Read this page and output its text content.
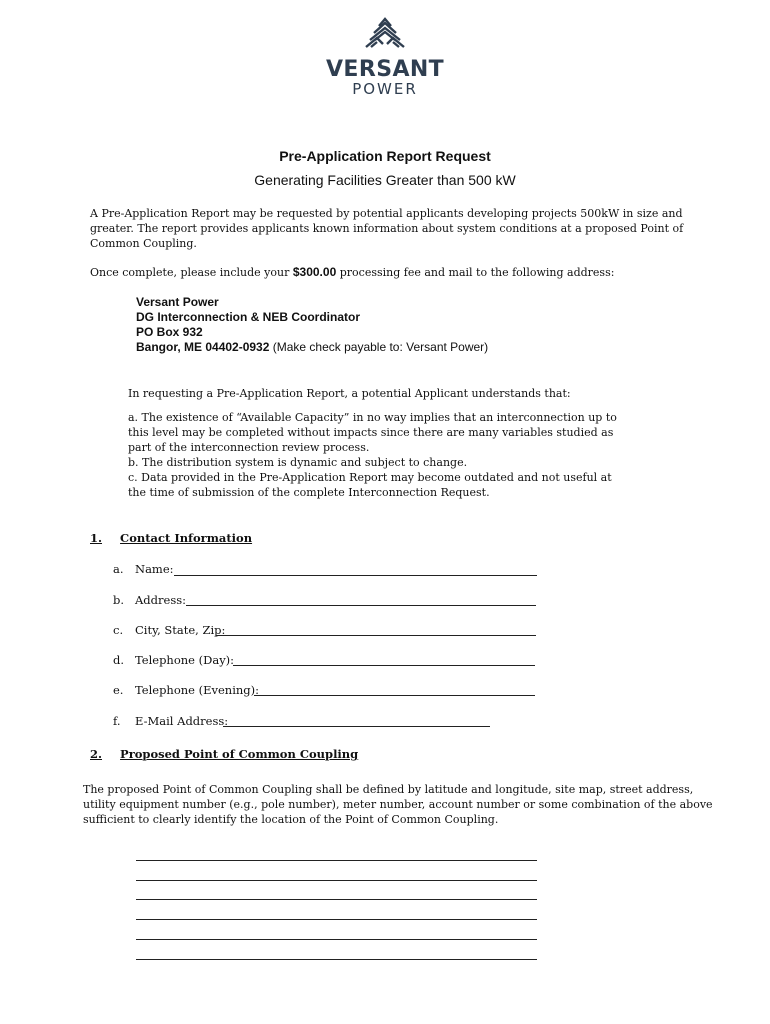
VERSANT
POWER
Pre-Application Report Request
Generating Facilities Greater than 500 kW
A Pre-Application Report may be requested by potential applicants developing projects 500kW in size and
greater. The report provides applicants known information about system conditions at a proposed Point of
Common Coupling.
Once complete, please include your $300.00 processing fee and mail to the following address:
Versant Power
DG Interconnection & NEB Coordinator
PO Box 932
Bangor, ME 04402-0932 (Make check payable to: Versant Power)
In requesting a Pre-Application Report, a potential Applicant understands that:
a. The existence of “Available Capacity” in no way implies that an interconnection up to
this level may be completed without impacts since there are many variables studied as
part of the interconnection review process.
b. The distribution system is dynamic and subject to change.
c. Data provided in the Pre-Application Report may become outdated and not useful at
the time of submission of the complete Interconnection Request.
1. Contact Information
a. Name:
b. Address:
c. City, State, Zip:
d. Telephone (Day):
e. Telephone (Evening):
f. E-Mail Address:
2. Proposed Point of Common Coupling
The proposed Point of Common Coupling shall be defined by latitude and longitude, site map, street address,
utility equipment number (e.g., pole number), meter number, account number or some combination of the above
sufficient to clearly identify the location of the Point of Common Coupling.
